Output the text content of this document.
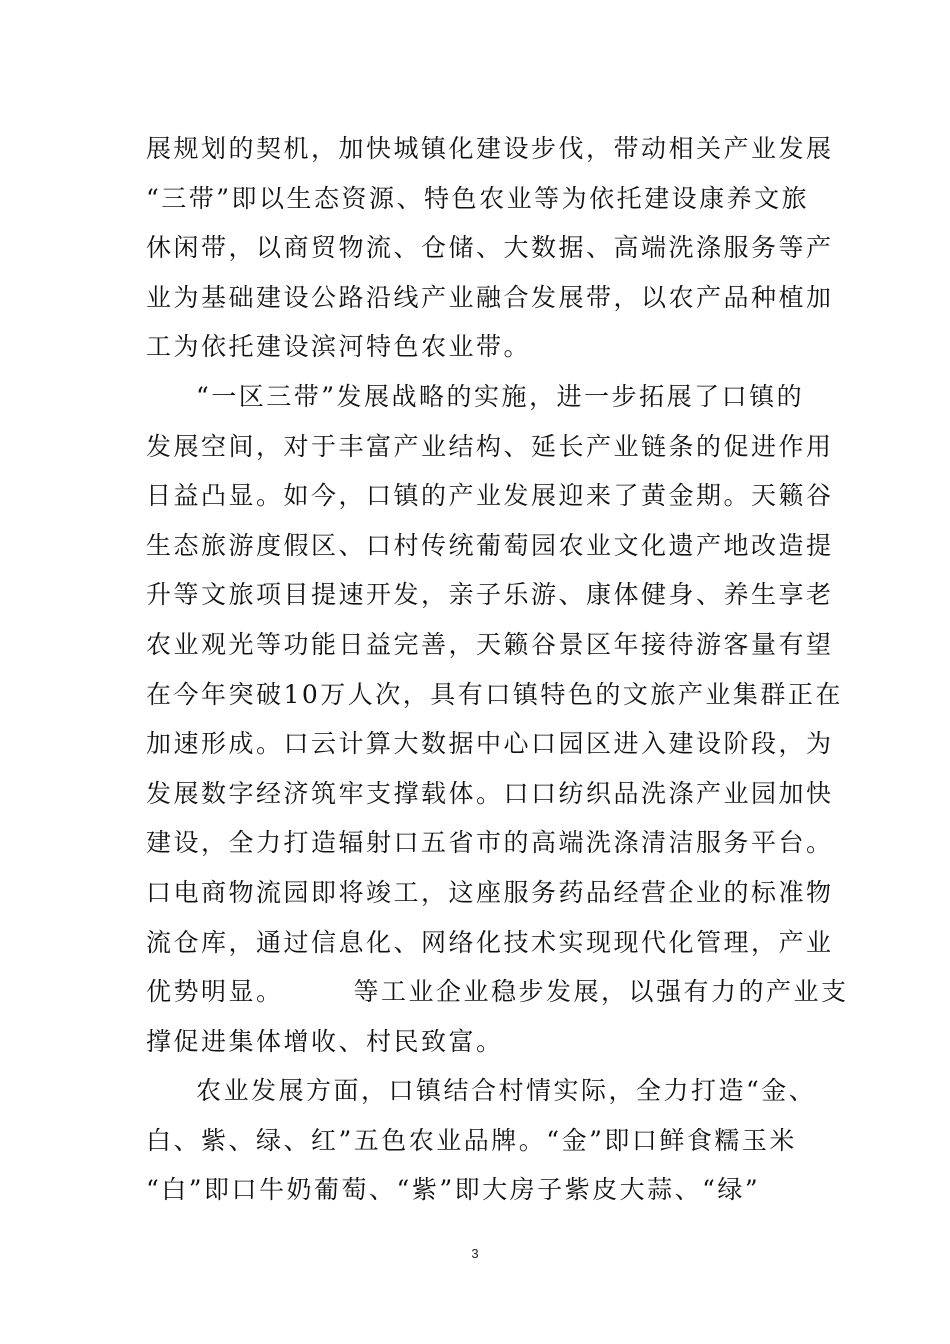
展规划的契机，加快城镇化建设步伐，带动相关产业发展
“三带”即以生态资源、特色农业等为依托建设康养文旅
休闲带，以商贸物流、仓储、大数据、高端洗涤服务等产
业为基础建设公路沿线产业融合发展带，以农产品种植加
工为依托建设滨河特色农业带。
“一区三带”发展战略的实施，进一步拓展了口镇的
发展空间，对于丰富产业结构、延长产业链条的促进作用
日益凸显。如今，口镇的产业发展迎来了黄金期。天籁谷
生态旅游度假区、口村传统葡萄园农业文化遗产地改造提
升等文旅项目提速开发，亲子乐游、康体健身、养生享老
农业观光等功能日益完善，天籁谷景区年接待游客量有望
在今年突破10万人次，具有口镇特色的文旅产业集群正在
加速形成。口云计算大数据中心口园区进入建设阶段，为
发展数字经济筑牢支撑载体。口口纺织品洗涤产业园加快
建设，全力打造辐射口五省市的高端洗涤清洁服务平台。
口电商物流园即将竣工，这座服务药品经营企业的标准物
流仓库，通过信息化、网络化技术实现现代化管理，产业
优势明显。　　　等工业企业稳步发展，以强有力的产业支
撑促进集体增收、村民致富。
农业发展方面，口镇结合村情实际，全力打造“金、
白、紫、绿、红”五色农业品牌。“金”即口鲜食糯玉米
“白”即口牛奶葡萄、“紫”即大房子紫皮大蒜、“绿”
3
